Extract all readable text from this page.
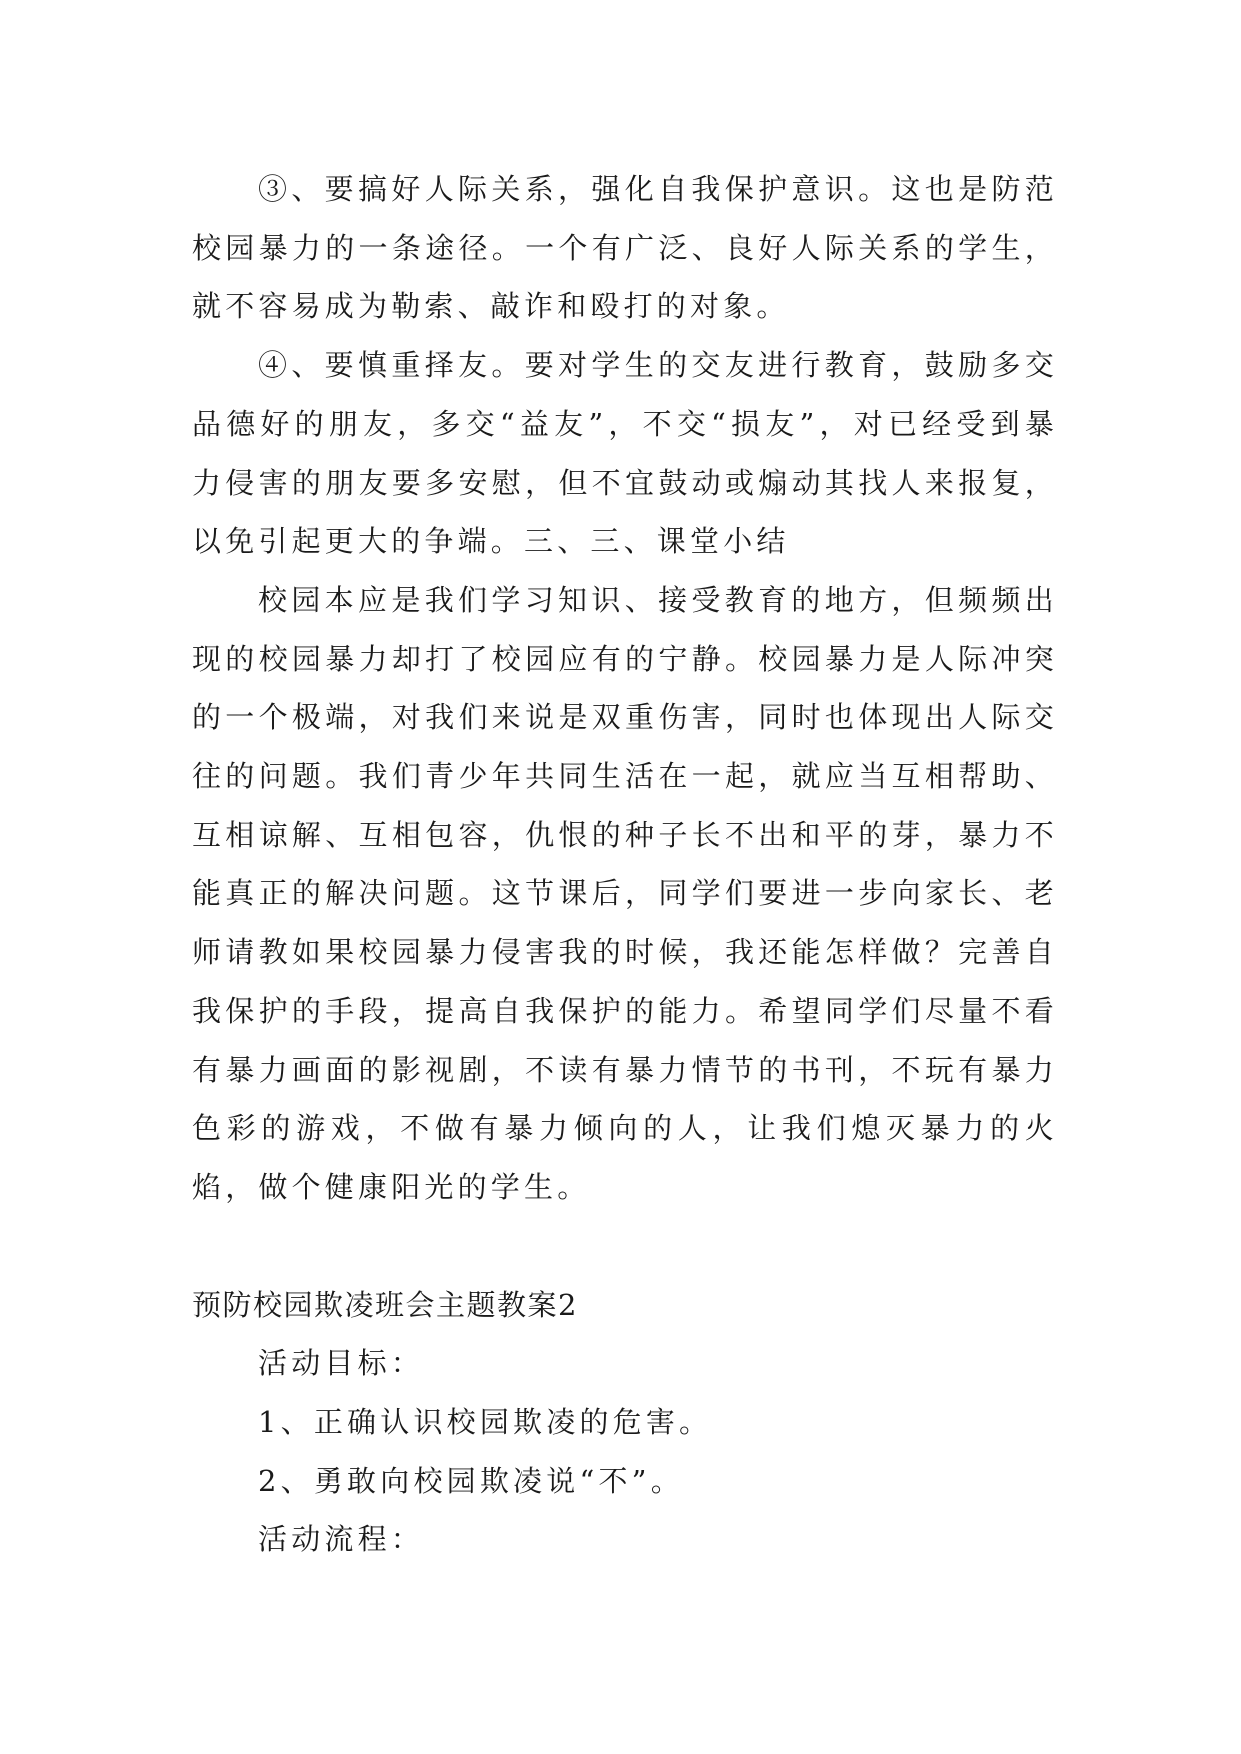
③、要搞好人际关系，强化自我保护意识。这也是防范校园暴力的一条途径。一个有广泛、良好人际关系的学生，就不容易成为勒索、敲诈和殴打的对象。

④、要慎重择友。要对学生的交友进行教育，鼓励多交品德好的朋友，多交“益友”，不交“损友”，对已经受到暴力侵害的朋友要多安慰，但不宜鼓动或煽动其找人来报复，以免引起更大的争端。三、三、课堂小结

校园本应是我们学习知识、接受教育的地方，但频频出现的校园暴力却打了校园应有的宁静。校园暴力是人际冲突的一个极端，对我们来说是双重伤害，同时也体现出人际交往的问题。我们青少年共同生活在一起，就应当互相帮助、互相谅解、互相包容，仇恨的种子长不出和平的芽，暴力不能真正的解决问题。这节课后，同学们要进一步向家长、老师请教如果校园暴力侵害我的时候，我还能怎样做？完善自我保护的手段，提高自我保护的能力。希望同学们尽量不看有暴力画面的影视剧，不读有暴力情节的书刊，不玩有暴力色彩的游戏，不做有暴力倾向的人，让我们熄灭暴力的火焰，做个健康阳光的学生。

预防校园欺凌班会主题教案2

活动目标：

1、正确认识校园欺凌的危害。

2、勇敢向校园欺凌说“不”。

活动流程：
